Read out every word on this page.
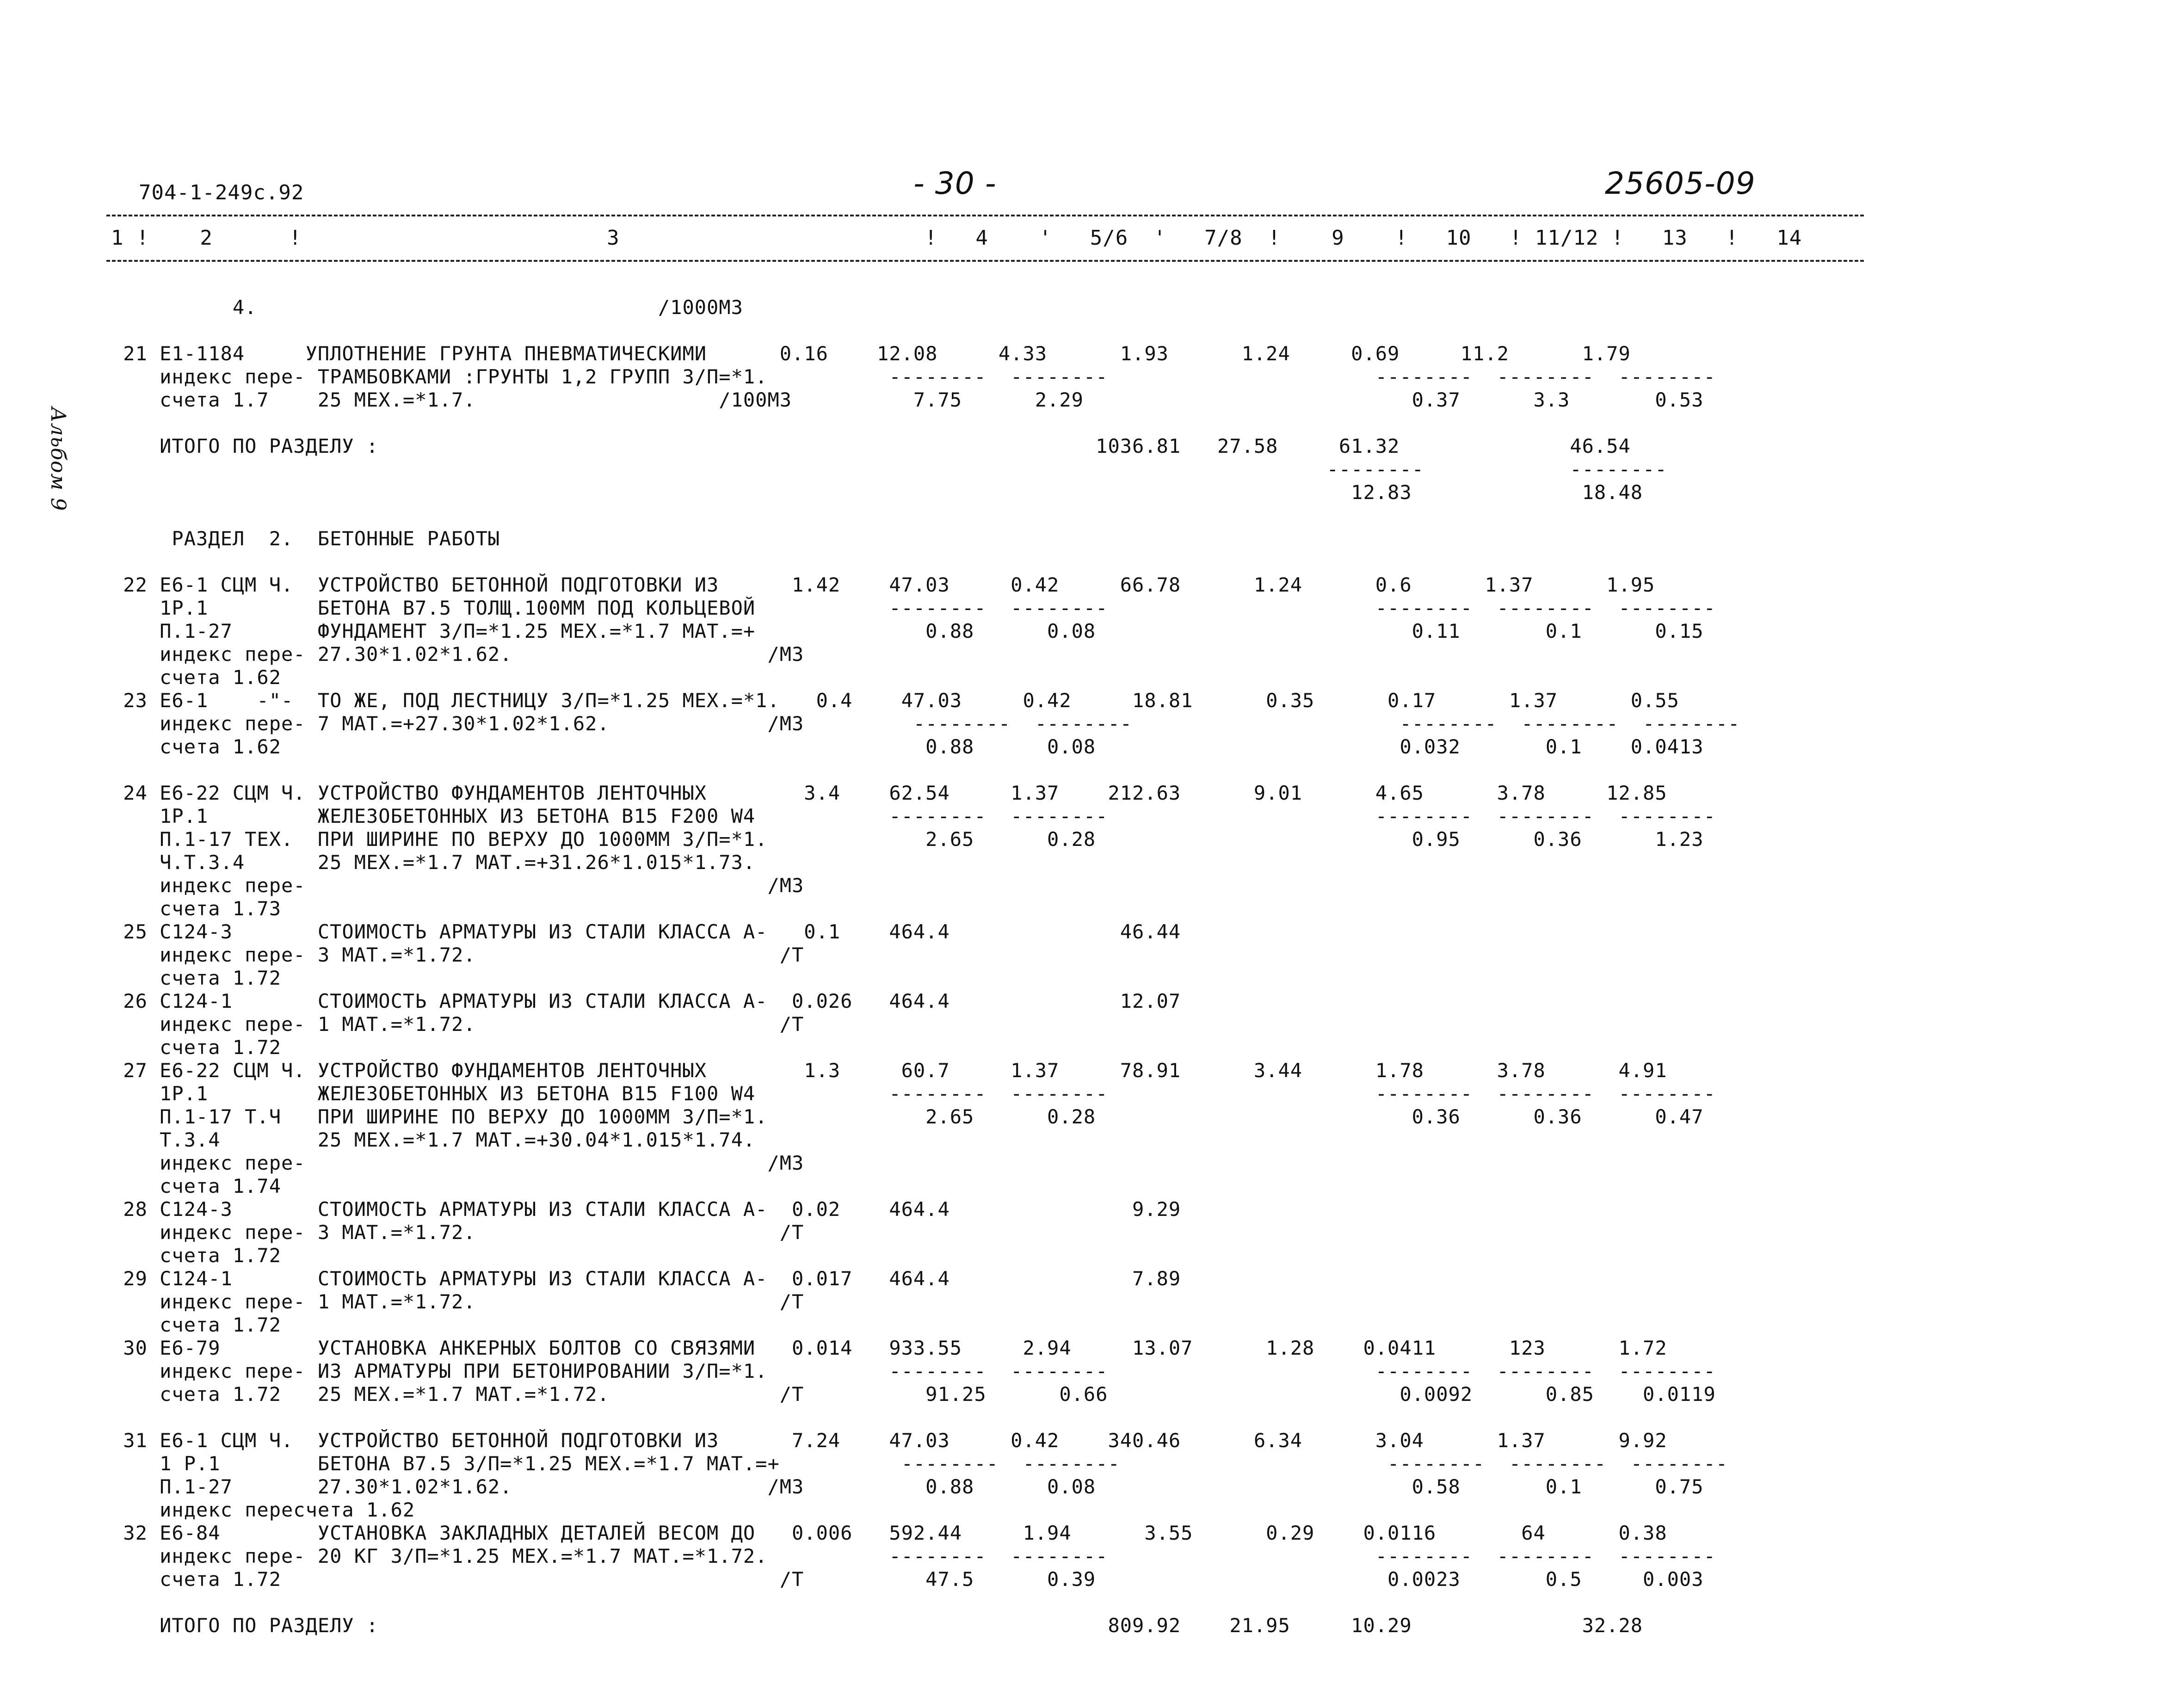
704-1-249c.92	- 30 -	25605-09
Альбом 9
1 !    2      !                        3                        !   4    '   5/6  '   7/8  !    9    !   10   ! 11/12 !   13   !   14
4.                                 /1000М3
21 Е1-1184     УПЛОТНЕНИЕ ГРУНТА ПНЕВМАТИЧЕСКИМИ      0.16    12.08     4.33      1.93      1.24     0.69     11.2      1.79
индекс пере- ТРАМБОВКАМИ :ГРУНТЫ 1,2 ГРУПП З/П=*1.          --------  --------                      --------  --------  --------
счета 1.7    25 МЕХ.=*1.7.                    /100М3          7.75      2.29                           0.37      3.3       0.53
ИТОГО ПО РАЗДЕЛУ :                                                           1036.81   27.58     61.32              46.54
--------            --------
12.83              18.48
РАЗДЕЛ  2.  БЕТОННЫЕ РАБОТЫ
22 Е6-1 СЦМ Ч.  УСТРОЙСТВО БЕТОННОЙ ПОДГОТОВКИ ИЗ      1.42    47.03     0.42     66.78      1.24      0.6      1.37      1.95
1Р.1         БЕТОНА В7.5 ТОЛЩ.100ММ ПОД КОЛЬЦЕВОЙ           --------  --------                      --------  --------  --------
П.1-27       ФУНДАМЕНТ З/П=*1.25 МЕХ.=*1.7 МАТ.=+              0.88      0.08                          0.11       0.1      0.15
индекс пере- 27.30*1.02*1.62.                     /М3
счета 1.62
23 Е6-1    -"-  ТО ЖЕ, ПОД ЛЕСТНИЦУ З/П=*1.25 МЕХ.=*1.   0.4    47.03     0.42     18.81      0.35      0.17      1.37      0.55
индекс пере- 7 МАТ.=+27.30*1.02*1.62.             /М3         --------  --------                      --------  --------  --------
счета 1.62                                                     0.88      0.08                         0.032       0.1    0.0413
24 Е6-22 СЦМ Ч. УСТРОЙСТВО ФУНДАМЕНТОВ ЛЕНТОЧНЫХ        3.4    62.54     1.37    212.63      9.01      4.65      3.78     12.85
1Р.1         ЖЕЛЕЗОБЕТОННЫХ ИЗ БЕТОНА В15 F200 W4           --------  --------                      --------  --------  --------
П.1-17 ТЕХ.  ПРИ ШИРИНЕ ПО ВЕРХУ ДО 1000ММ З/П=*1.             2.65      0.28                          0.95      0.36      1.23
Ч.Т.3.4      25 МЕХ.=*1.7 МАТ.=+31.26*1.015*1.73.
индекс пере-                                      /М3
счета 1.73
25 С124-3       СТОИМОСТЬ АРМАТУРЫ ИЗ СТАЛИ КЛАССА А-   0.1    464.4              46.44
индекс пере- 3 МАТ.=*1.72.                         /Т
счета 1.72
26 С124-1       СТОИМОСТЬ АРМАТУРЫ ИЗ СТАЛИ КЛАССА А-  0.026   464.4              12.07
индекс пере- 1 МАТ.=*1.72.                         /Т
счета 1.72
27 Е6-22 СЦМ Ч. УСТРОЙСТВО ФУНДАМЕНТОВ ЛЕНТОЧНЫХ        1.3     60.7     1.37     78.91      3.44      1.78      3.78      4.91
1Р.1         ЖЕЛЕЗОБЕТОННЫХ ИЗ БЕТОНА В15 F100 W4           --------  --------                      --------  --------  --------
П.1-17 Т.Ч   ПРИ ШИРИНЕ ПО ВЕРХУ ДО 1000ММ З/П=*1.             2.65      0.28                          0.36      0.36      0.47
Т.3.4        25 МЕХ.=*1.7 МАТ.=+30.04*1.015*1.74.
индекс пере-                                      /М3
счета 1.74
28 С124-3       СТОИМОСТЬ АРМАТУРЫ ИЗ СТАЛИ КЛАССА А-  0.02    464.4               9.29
индекс пере- 3 МАТ.=*1.72.                         /Т
счета 1.72
29 С124-1       СТОИМОСТЬ АРМАТУРЫ ИЗ СТАЛИ КЛАССА А-  0.017   464.4               7.89
индекс пере- 1 МАТ.=*1.72.                         /Т
счета 1.72
30 Е6-79        УСТАНОВКА АНКЕРНЫХ БОЛТОВ СО СВЯЗЯМИ   0.014   933.55     2.94     13.07      1.28    0.0411      123      1.72
индекс пере- ИЗ АРМАТУРЫ ПРИ БЕТОНИРОВАНИИ З/П=*1.          --------  --------                      --------  --------  --------
счета 1.72   25 МЕХ.=*1.7 МАТ.=*1.72.              /Т          91.25      0.66                        0.0092      0.85    0.0119
31 Е6-1 СЦМ Ч.  УСТРОЙСТВО БЕТОННОЙ ПОДГОТОВКИ ИЗ      7.24    47.03     0.42    340.46      6.34      3.04      1.37      9.92
1 Р.1        БЕТОНА В7.5 З/П=*1.25 МЕХ.=*1.7 МАТ.=+          --------  --------                      --------  --------  --------
П.1-27       27.30*1.02*1.62.                     /М3          0.88      0.08                          0.58       0.1      0.75
индекс пересчета 1.62
32 Е6-84        УСТАНОВКА ЗАКЛАДНЫХ ДЕТАЛЕЙ ВЕСОМ ДО   0.006   592.44     1.94      3.55      0.29    0.0116       64      0.38
индекс пере- 20 КГ З/П=*1.25 МЕХ.=*1.7 МАТ.=*1.72.          --------  --------                      --------  --------  --------
счета 1.72                                         /Т          47.5      0.39                        0.0023       0.5     0.003
ИТОГО ПО РАЗДЕЛУ :                                                            809.92    21.95     10.29              32.28
